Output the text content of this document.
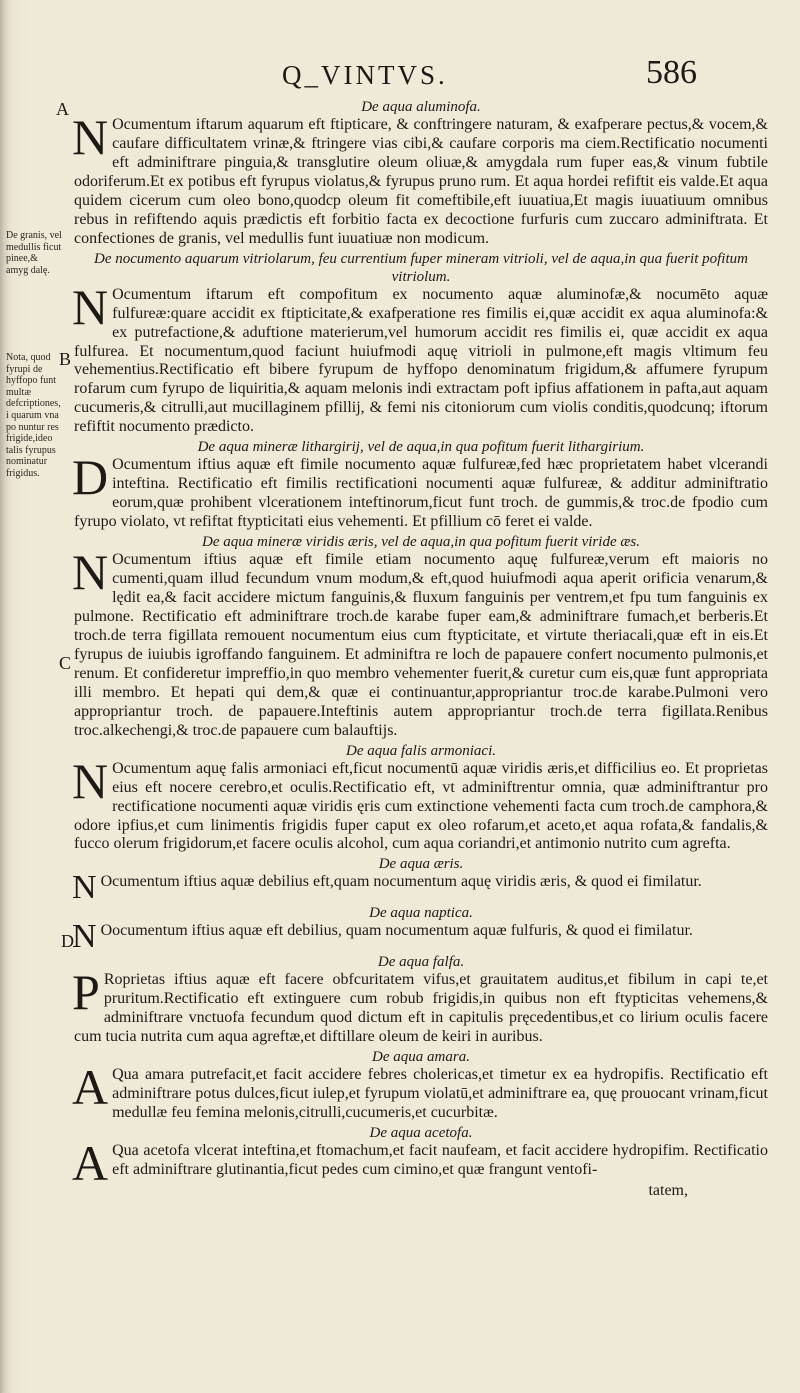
Q_VINTVS.	586
A
B
C
D
De granis, vel medullis ficut pinee,& amyg dalę.
Nota, quod fyrupi de hyffopo funt multæ defcriptiones, i quarum vna po nuntur res frigide,ideo talis fyrupus nominatur frigidus.

De aqua aluminofa.

N Ocumentum iftarum aquarum eft ftipticare, & conftringere naturam, & exafperare pectus,& vocem,& caufare difficultatem vrinæ,& ftringere vias cibi,& caufare corporis ma ciem.Rectificatio nocumenti eft adminiftrare pinguia,& transglutire oleum oliuæ,& amygdala rum fuper eas,& vinum fubtile odoriferum.Et ex potibus eft fyrupus violatus,& fyrupus pruno rum. Et aqua hordei refiftit eis valde.Et aqua quidem cicerum cum oleo bono,quodcp oleum fit comeftibile,eft iuuatiua,Et magis iuuatiuum omnibus rebus in refiftendo aquis prædictis eft forbitio facta ex decoctione furfuris cum zuccaro adminiftrata. Et confectiones de granis, vel medullis funt iuuatiuæ non modicum.

De nocumento aquarum vitriolarum, feu currentium fuper mineram vitrioli, vel de aqua,in qua fuerit pofitum vitriolum.

N Ocumentum iftarum eft compofitum ex nocumento aquæ aluminofæ,& nocumēto aquæ fulfureæ:quare accidit ex ftipticitate,& exafperatione res fimilis ei,quæ accidit ex aqua aluminofa:& ex putrefactione,& aduftione materierum,vel humorum accidit res fimilis ei, quæ accidit ex aqua fulfurea. Et nocumentum,quod faciunt huiufmodi aquę vitrioli in pulmone,eft magis vltimum feu vehementius.Rectificatio eft bibere fyrupum de hyffopo denominatum frigidum,& affumere fyrupum rofarum cum fyrupo de liquiritia,& aquam melonis indi extractam poft ipfius affationem in pafta,aut aquam cucumeris,& citrulli,aut mucillaginem pfillij, & femi nis citoniorum cum violis conditis,quodcunq; iftorum refiftit nocumento prædicto.

De aqua mineræ lithargirij, vel de aqua,in qua pofitum fuerit lithargirium.

D Ocumentum iftius aquæ eft fimile nocumento aquæ fulfureæ,fed hæc proprietatem habet vlcerandi inteftina. Rectificatio eft fimilis rectificationi nocumenti aquæ fulfureæ, & additur adminiftratio eorum,quæ prohibent vlcerationem inteftinorum,ficut funt troch. de gummis,& troc.de fpodio cum fyrupo violato, vt refiftat ftypticitati eius vehementi. Et pfillium cō feret ei valde.

De aqua mineræ viridis æris, vel de aqua,in qua pofitum fuerit viride æs.

N Ocumentum iftius aquæ eft fimile etiam nocumento aquę fulfureæ,verum eft maioris no cumenti,quam illud fecundum vnum modum,& eft,quod huiufmodi aqua aperit orificia venarum,& lędit ea,& facit accidere mictum fanguinis,& fluxum fanguinis per ventrem,et fpu tum fanguinis ex pulmone. Rectificatio eft adminiftrare troch.de karabe fuper eam,& adminiftrare fumach,et berberis.Et troch.de terra figillata remouent nocumentum eius cum ftypticitate, et virtute theriacali,quæ eft in eis.Et fyrupus de iuiubis igroffando fanguinem. Et adminiftra re loch de papauere confert nocumento pulmonis,et renum. Et confideretur impreffio,in quo membro vehementer fuerit,& curetur cum eis,quæ funt appropriata illi membro. Et hepati qui dem,& quæ ei continuantur,appropriantur troc.de karabe.Pulmoni vero appropriantur troch. de papauere.Inteftinis autem appropriantur troch.de terra figillata.Renibus troc.alkechengi,& troc.de papauere cum balauftijs.

De aqua falis armoniaci.

N Ocumentum aquę falis armoniaci eft,ficut nocumentū aquæ viridis æris,et difficilius eo. Et proprietas eius eft nocere cerebro,et oculis.Rectificatio eft, vt adminiftrentur omnia, quæ adminiftrantur pro rectificatione nocumenti aquæ viridis ęris cum extinctione vehementi facta cum troch.de camphora,& odore ipfius,et cum linimentis frigidis fuper caput ex oleo rofarum,et aceto,et aqua rofata,& fandalis,& fucco olerum frigidorum,et facere oculis alcohol, cum aqua coriandri,et antimonio nutrito cum agrefta.

De aqua æris.

N Ocumentum iftius aquæ debilius eft,quam nocumentum aquę viridis æris, & quod ei fimilatur.

De aqua naptica.

N Oocumentum iftius aquæ eft debilius, quam nocumentum aquæ fulfuris, & quod ei fimilatur.

De aqua falfa.

P Roprietas iftius aquæ eft facere obfcuritatem vifus,et grauitatem auditus,et fibilum in capi te,et pruritum.Rectificatio eft extinguere cum robub frigidis,in quibus non eft ftypticitas vehemens,& adminiftrare vnctuofa fecundum quod dictum eft in capitulis pręcedentibus,et co lirium oculis facere cum tucia nutrita cum aqua agreftæ,et diftillare oleum de keiri in auribus.

De aqua amara.

A Qua amara putrefacit,et facit accidere febres cholericas,et timetur ex ea hydropifis. Rectificatio eft adminiftrare potus dulces,ficut iulep,et fyrupum violatū,et adminiftrare ea, quę prouocant vrinam,ficut medullæ feu femina melonis,citrulli,cucumeris,et cucurbitæ.

De aqua acetofa.

A Qua acetofa vlcerat inteftina,et ftomachum,et facit naufeam, et facit accidere hydropifim. Rectificatio eft adminiftrare glutinantia,ficut pedes cum cimino,et quæ frangunt ventofi-

tatem,
